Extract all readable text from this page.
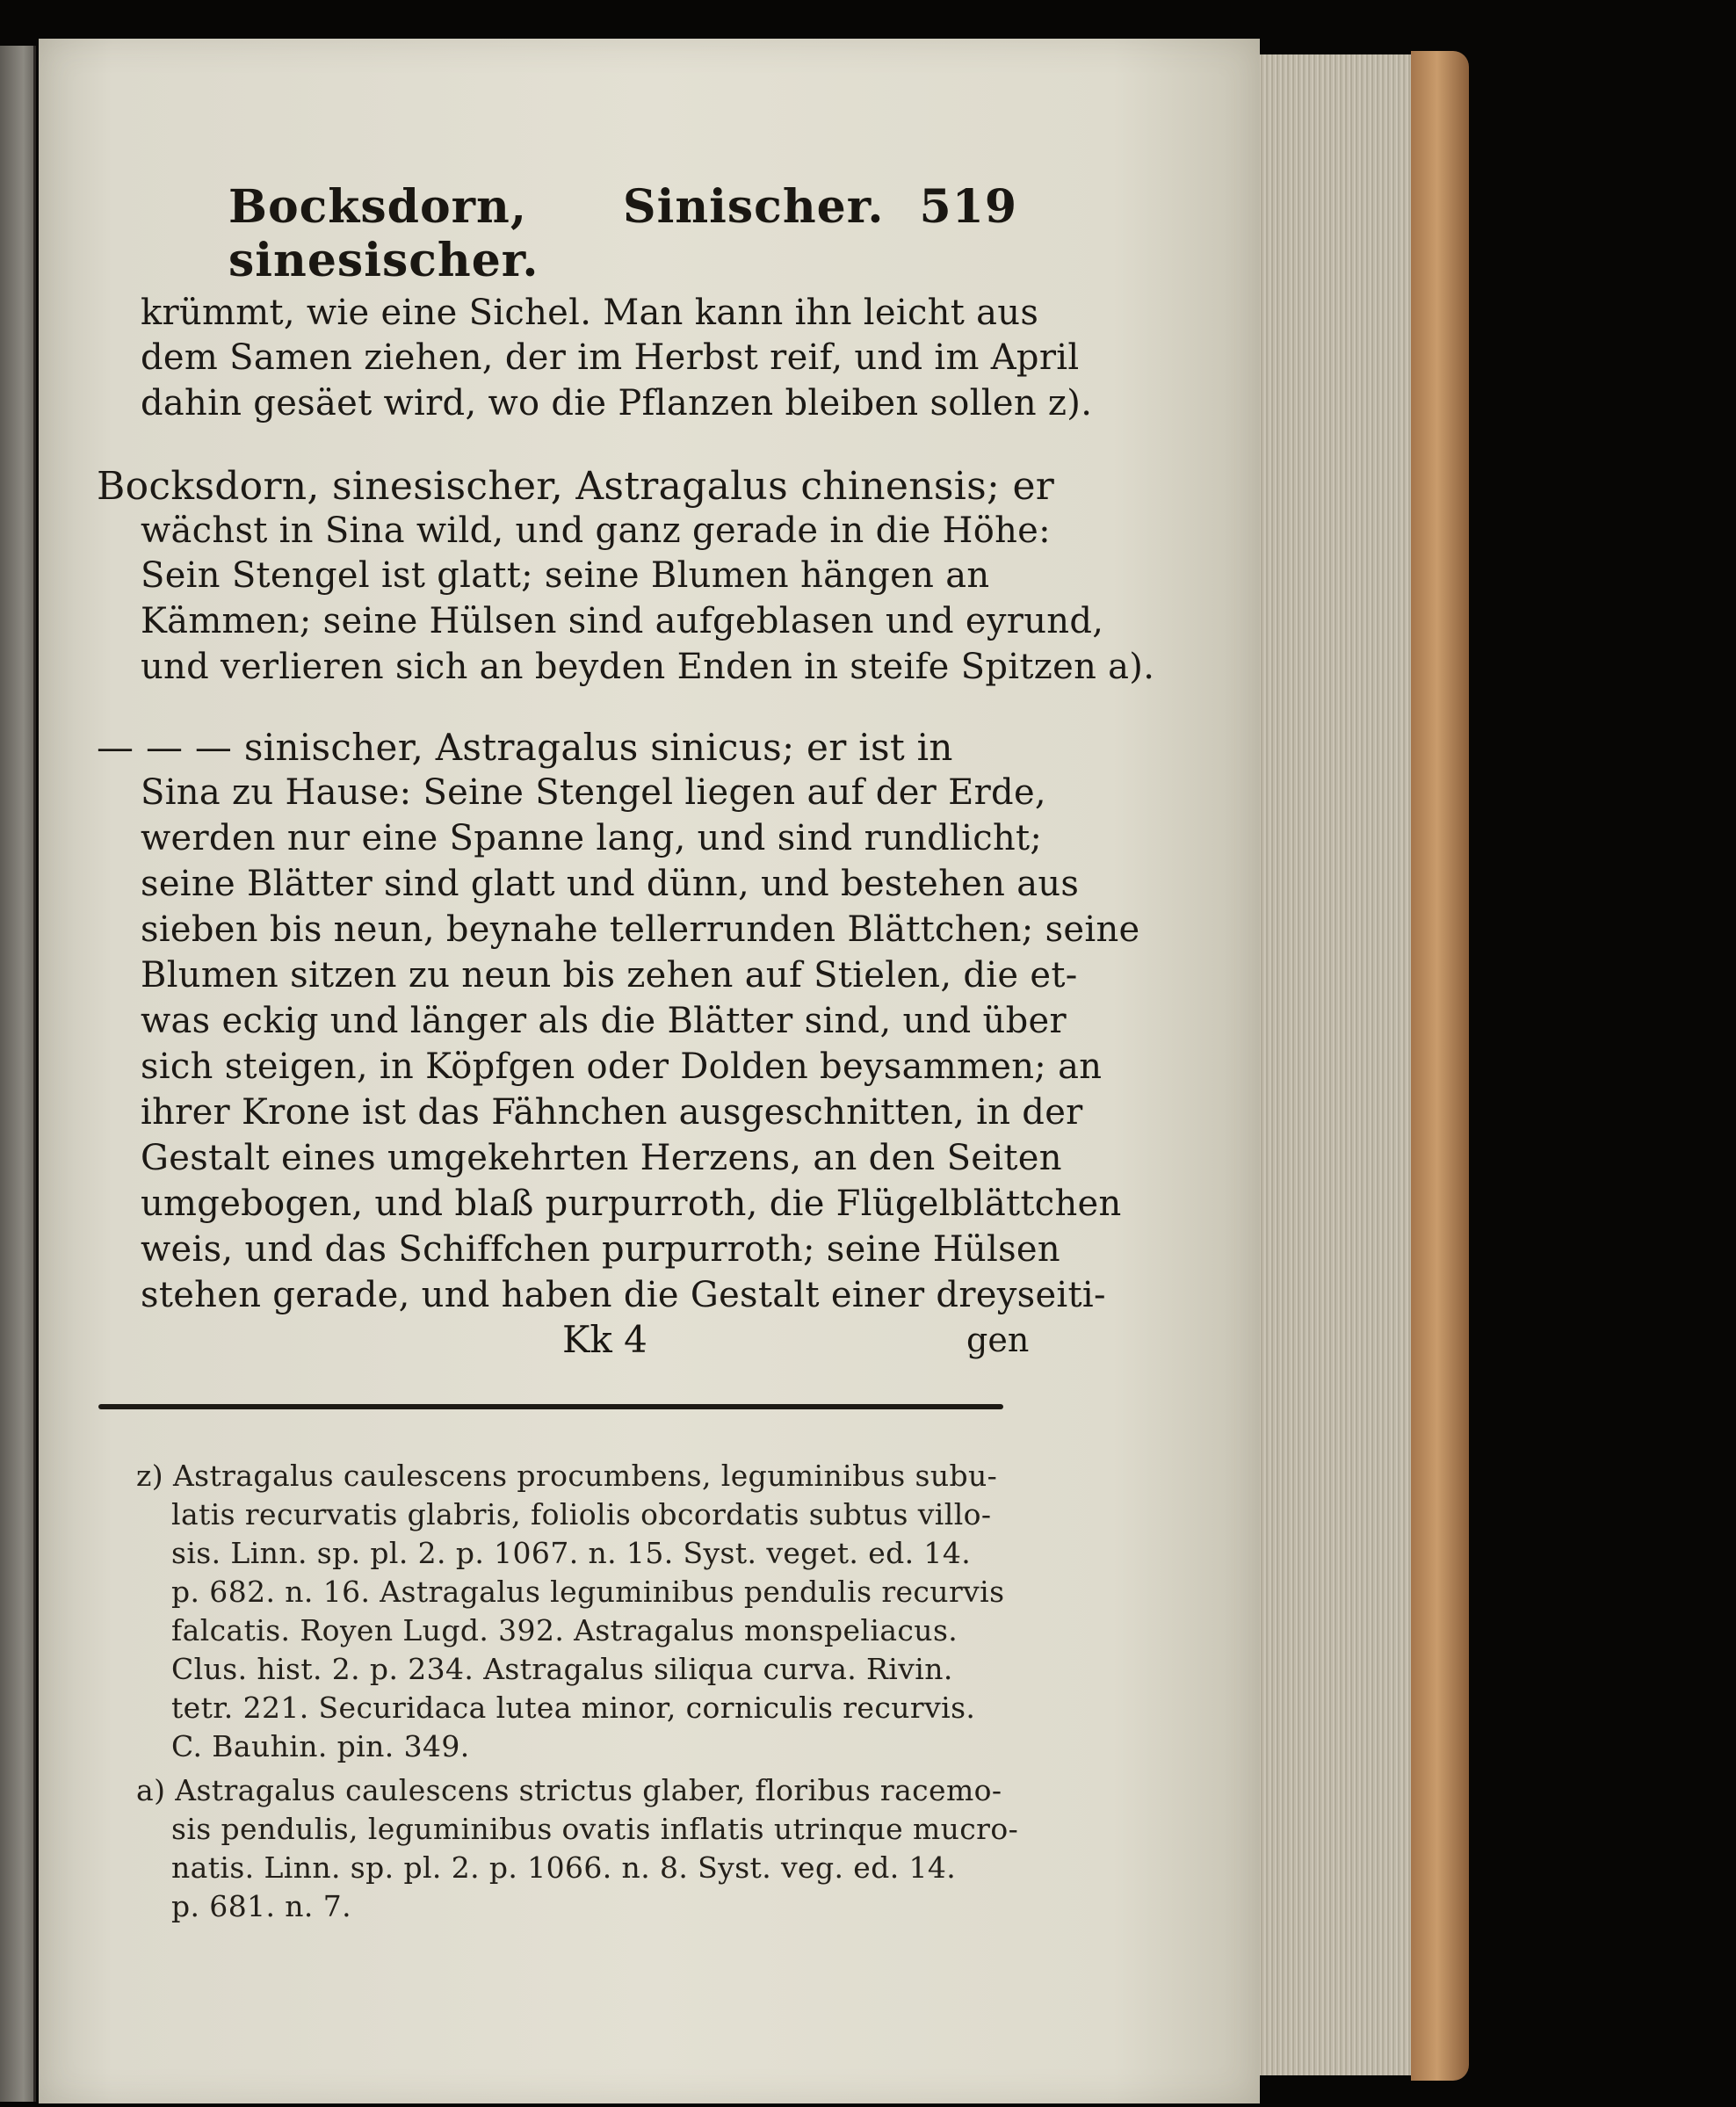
Bocksdorn, sinesischer.
Sinischer. 519
krümmt, wie eine Sichel. Man kann ihn leicht aus
dem Samen ziehen, der im Herbst reif, und im April
dahin gesäet wird, wo die Pflanzen bleiben sollen z).
Bocksdorn, sinesischer, Astragalus chinensis; er
wächst in Sina wild, und ganz gerade in die Höhe:
Sein Stengel ist glatt; seine Blumen hängen an
Kämmen; seine Hülsen sind aufgeblasen und eyrund,
und verlieren sich an beyden Enden in steife Spitzen a).
— — — sinischer, Astragalus sinicus; er ist in
Sina zu Hause: Seine Stengel liegen auf der Erde,
werden nur eine Spanne lang, und sind rundlicht;
seine Blätter sind glatt und dünn, und bestehen aus
sieben bis neun, beynahe tellerrunden Blättchen; seine
Blumen sitzen zu neun bis zehen auf Stielen, die et-
was eckig und länger als die Blätter sind, und über
sich steigen, in Köpfgen oder Dolden beysammen; an
ihrer Krone ist das Fähnchen ausgeschnitten, in der
Gestalt eines umgekehrten Herzens, an den Seiten
umgebogen, und blaß purpurroth, die Flügelblättchen
weis, und das Schiffchen purpurroth; seine Hülsen
stehen gerade, und haben die Gestalt einer dreyseiti-
Kk 4	gen
z) Astragalus caulescens procumbens, leguminibus subu-
latis recurvatis glabris, foliolis obcordatis subtus villo-
sis. Linn. sp. pl. 2. p. 1067. n. 15. Syst. veget. ed. 14.
p. 682. n. 16. Astragalus leguminibus pendulis recurvis
falcatis. Royen Lugd. 392. Astragalus monspeliacus.
Clus. hist. 2. p. 234. Astragalus siliqua curva. Rivin.
tetr. 221. Securidaca lutea minor, corniculis recurvis.
C. Bauhin. pin. 349.
a) Astragalus caulescens strictus glaber, floribus racemo-
sis pendulis, leguminibus ovatis inflatis utrinque mucro-
natis. Linn. sp. pl. 2. p. 1066. n. 8. Syst. veg. ed. 14.
p. 681. n. 7.
